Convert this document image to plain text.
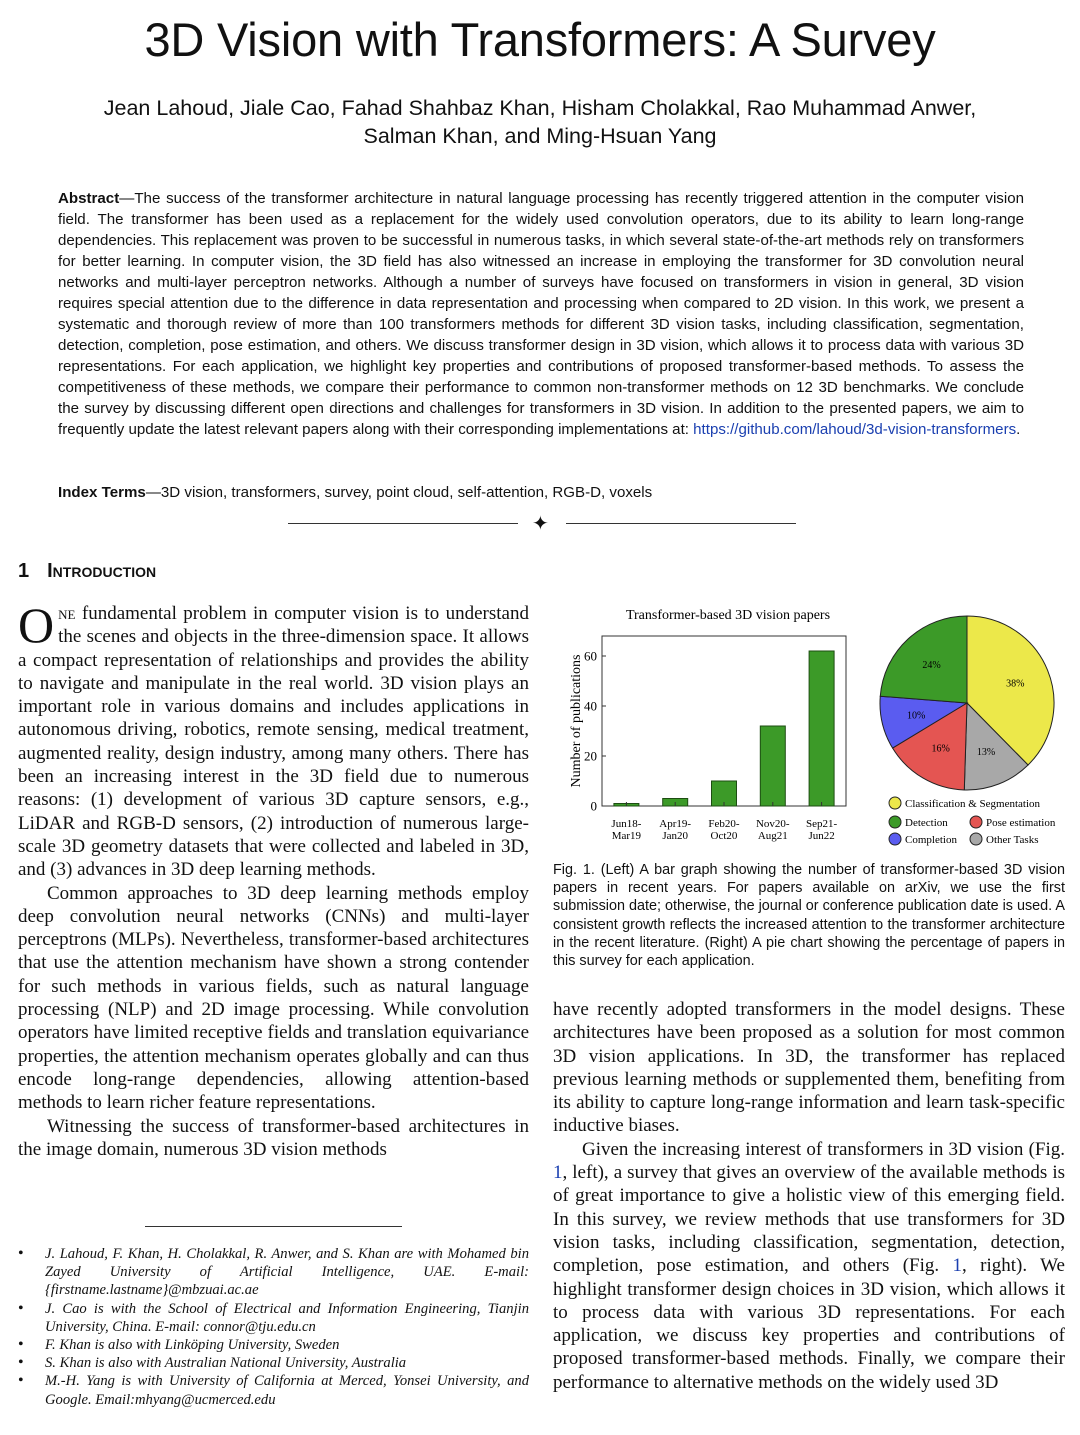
3D Vision with Transformers: A Survey
Jean Lahoud, Jiale Cao, Fahad Shahbaz Khan, Hisham Cholakkal, Rao Muhammad Anwer,
Salman Khan, and Ming-Hsuan Yang
Abstract—The success of the transformer architecture in natural language processing has recently triggered attention in the computer vision field. The transformer has been used as a replacement for the widely used convolution operators, due to its ability to learn long-range dependencies. This replacement was proven to be successful in numerous tasks, in which several state-of-the-art methods rely on transformers for better learning. In computer vision, the 3D field has also witnessed an increase in employing the transformer for 3D convolution neural networks and multi-layer perceptron networks. Although a number of surveys have focused on transformers in vision in general, 3D vision requires special attention due to the difference in data representation and processing when compared to 2D vision. In this work, we present a systematic and thorough review of more than 100 transformers methods for different 3D vision tasks, including classification, segmentation, detection, completion, pose estimation, and others. We discuss transformer design in 3D vision, which allows it to process data with various 3D representations. For each application, we highlight key properties and contributions of proposed transformer-based methods. To assess the competitiveness of these methods, we compare their performance to common non-transformer methods on 12 3D benchmarks. We conclude the survey by discussing different open directions and challenges for transformers in 3D vision. In addition to the presented papers, we aim to frequently update the latest relevant papers along with their corresponding implementations at: https://github.com/lahoud/3d-vision-transformers.
Index Terms—3D vision, transformers, survey, point cloud, self-attention, RGB-D, voxels
✦
1 Introduction

One fundamental problem in computer vision is to understand the scenes and objects in the three-dimension space. It allows a compact representation of relationships and provides the ability to navigate and manipulate in the real world. 3D vision plays an important role in various domains and includes applications in autonomous driving, robotics, remote sensing, medical treatment, augmented reality, design industry, among many others. There has been an increasing interest in the 3D field due to numerous reasons: (1) development of various 3D capture sensors, e.g., LiDAR and RGB-D sensors, (2) introduction of numerous large-scale 3D geometry datasets that were collected and labeled in 3D, and (3) advances in 3D deep learning methods.

Common approaches to 3D deep learning methods employ deep convolution neural networks (CNNs) and multi-layer perceptrons (MLPs). Nevertheless, transformer-based architectures that use the attention mechanism have shown a strong contender for such methods in various fields, such as natural language processing (NLP) and 2D image processing. While convolution operators have limited receptive fields and translation equivariance properties, the attention mechanism operates globally and can thus encode long-range dependencies, allowing attention-based methods to learn richer feature representations.

Witnessing the success of transformer-based architectures in the image domain, numerous 3D vision methods

• J. Lahoud, F. Khan, H. Cholakkal, R. Anwer, and S. Khan are with Mohamed bin Zayed University of Artificial Intelligence, UAE. E-mail: {firstname.lastname}@mbzuai.ac.ae
• J. Cao is with the School of Electrical and Information Engineering, Tianjin University, China. E-mail: connor@tju.edu.cn
• F. Khan is also with Linköping University, Sweden
• S. Khan is also with Australian National University, Australia
• M.-H. Yang is with University of California at Merced, Yonsei University, and Google. Email:mhyang@ucmerced.edu
Transformer-based 3D vision papers
0
20
40
60
Number of publications
Jun18-
Mar19
Apr19-
Jan20
Feb20-
Oct20
Nov20-
Aug21
Sep21-
Jun22
38%
13%
16%
10%
24%
Classification & Segmentation
Detection	Pose estimation
Completion	Other Tasks
Fig. 1. (Left) A bar graph showing the number of transformer-based 3D vision papers in recent years. For papers available on arXiv, we use the first submission date; otherwise, the journal or conference publication date is used. A consistent growth reflects the increased attention to the transformer architecture in the recent literature. (Right) A pie chart showing the percentage of papers in this survey for each application.

have recently adopted transformers in the model designs. These architectures have been proposed as a solution for most common 3D vision applications. In 3D, the transformer has replaced previous learning methods or supplemented them, benefiting from its ability to capture long-range information and learn task-specific inductive biases.

Given the increasing interest of transformers in 3D vision (Fig. 1, left), a survey that gives an overview of the available methods is of great importance to give a holistic view of this emerging field. In this survey, we review methods that use transformers for 3D vision tasks, including classification, segmentation, detection, completion, pose estimation, and others (Fig. 1, right). We highlight transformer design choices in 3D vision, which allows it to process data with various 3D representations. For each application, we discuss key properties and contributions of proposed transformer-based methods. Finally, we compare their performance to alternative methods on the widely used 3D
